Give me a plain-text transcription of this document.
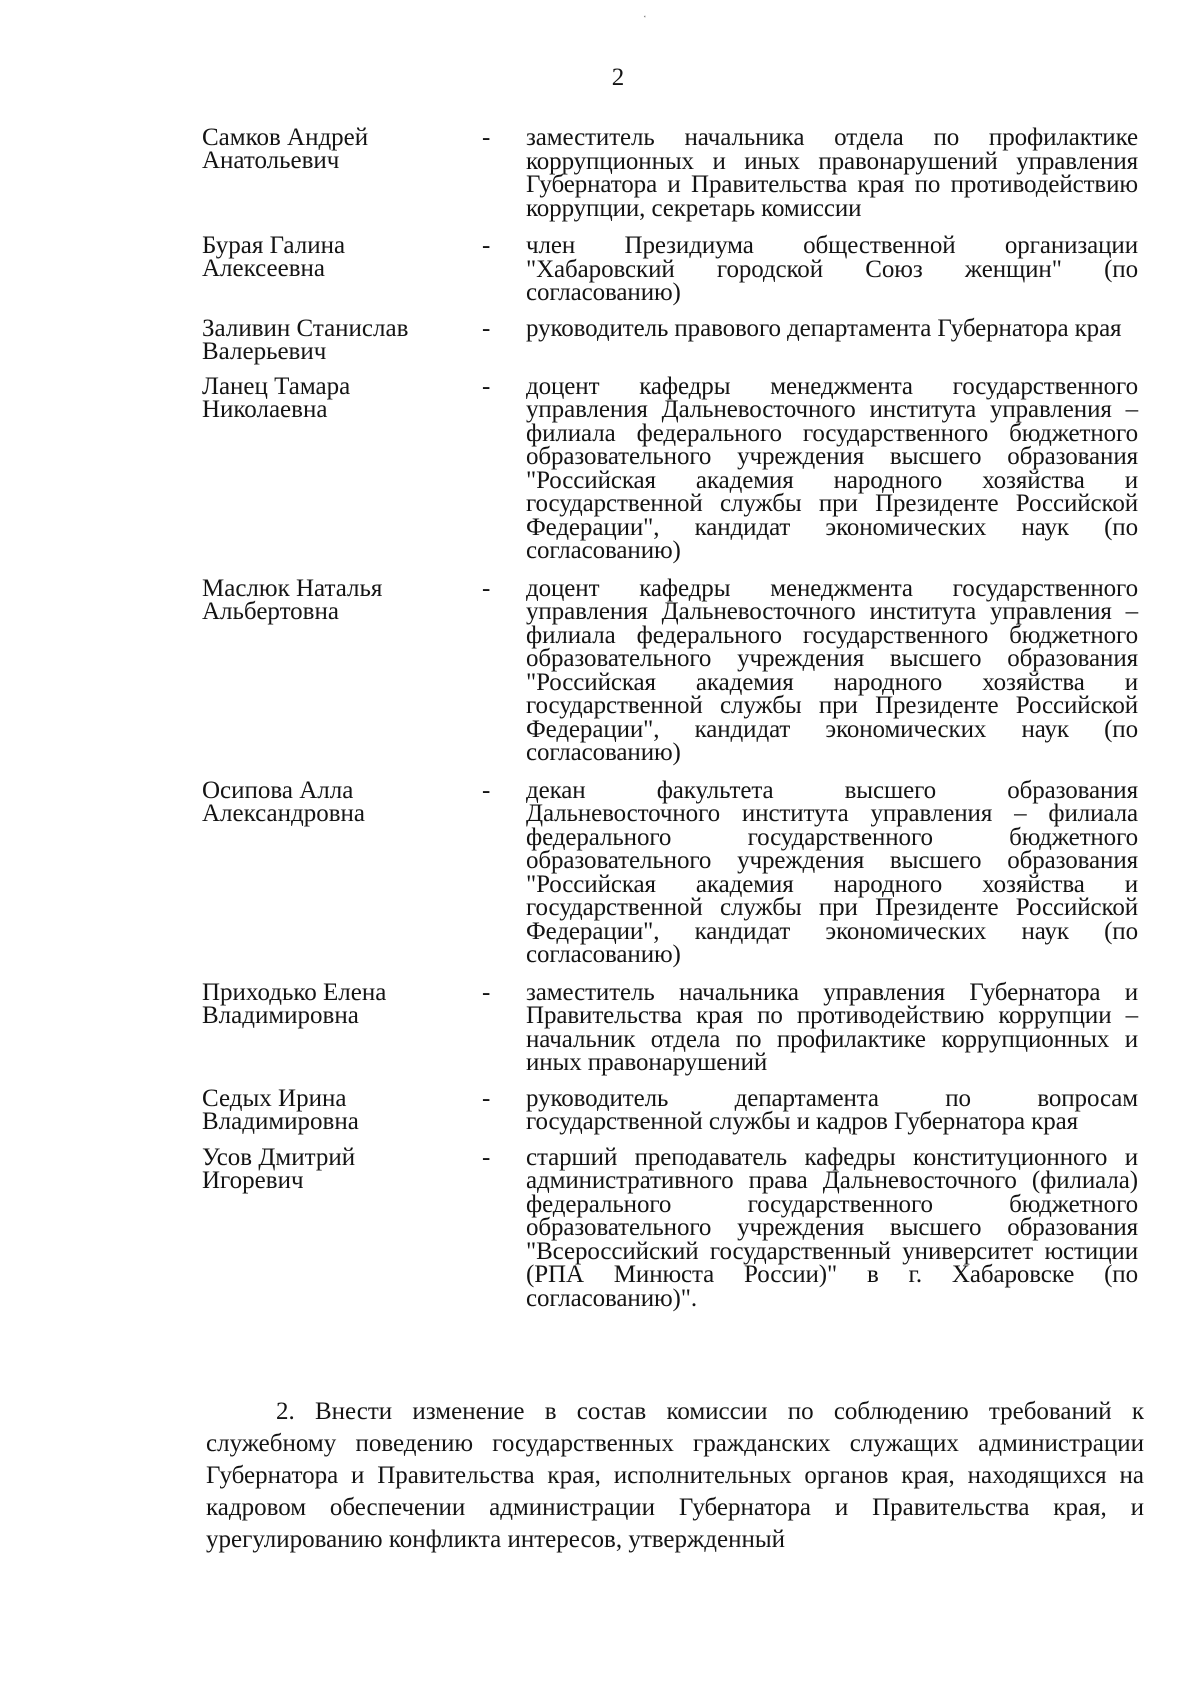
⸼
2
Самков Андрей
Анатольевич
-	заместитель начальника отдела по профилактике коррупционных и иных правонарушений управления Губернатора и Правительства края по противодействию коррупции, секретарь комиссии
Бурая Галина
Алексеевна
-	член Президиума общественной организации "Хабаровский городской Союз женщин" (по согласованию)
Заливин Станислав
Валерьевич
-	руководитель правового департамента Губернатора края
Ланец Тамара
Николаевна
-	доцент кафедры менеджмента государственного управления Дальневосточного института управления – филиала федерального государственного бюджетного образовательного учреждения высшего образования "Российская академия народного хозяйства и государственной службы при Президенте Российской Федерации", кандидат экономических наук (по согласованию)
Маслюк Наталья
Альбертовна
-	доцент кафедры менеджмента государственного управления Дальневосточного института управления – филиала федерального государственного бюджетного образовательного учреждения высшего образования "Российская академия народного хозяйства и государственной службы при Президенте Российской Федерации", кандидат экономических наук (по согласованию)
Осипова Алла
Александровна
-	декан факультета высшего образования Дальневосточного института управления – филиала федерального государственного бюджетного образовательного учреждения высшего образования "Российская академия народного хозяйства и государственной службы при Президенте Российской Федерации", кандидат экономических наук (по согласованию)
Приходько Елена
Владимировна
-	заместитель начальника управления Губернатора и Правительства края по противодействию коррупции – начальник отдела по профилактике коррупционных и иных правонарушений
Седых Ирина
Владимировна
-	руководитель департамента по вопросам государственной службы и кадров Губернатора края
Усов Дмитрий
Игоревич
-	старший преподаватель кафедры конституционного и административного права Дальневосточного (филиала) федерального государственного бюджетного образовательного учреждения высшего образования "Всероссийский государственный университет юстиции (РПА Минюста России)" в г. Хабаровске (по согласованию)".
2. Внести изменение в состав комиссии по соблюдению требований к служебному поведению государственных гражданских служащих администрации Губернатора и Правительства края, исполнительных органов края, находящихся на кадровом обеспечении администрации Губернатора и Правительства края, и урегулированию конфликта интересов, утвержденный
